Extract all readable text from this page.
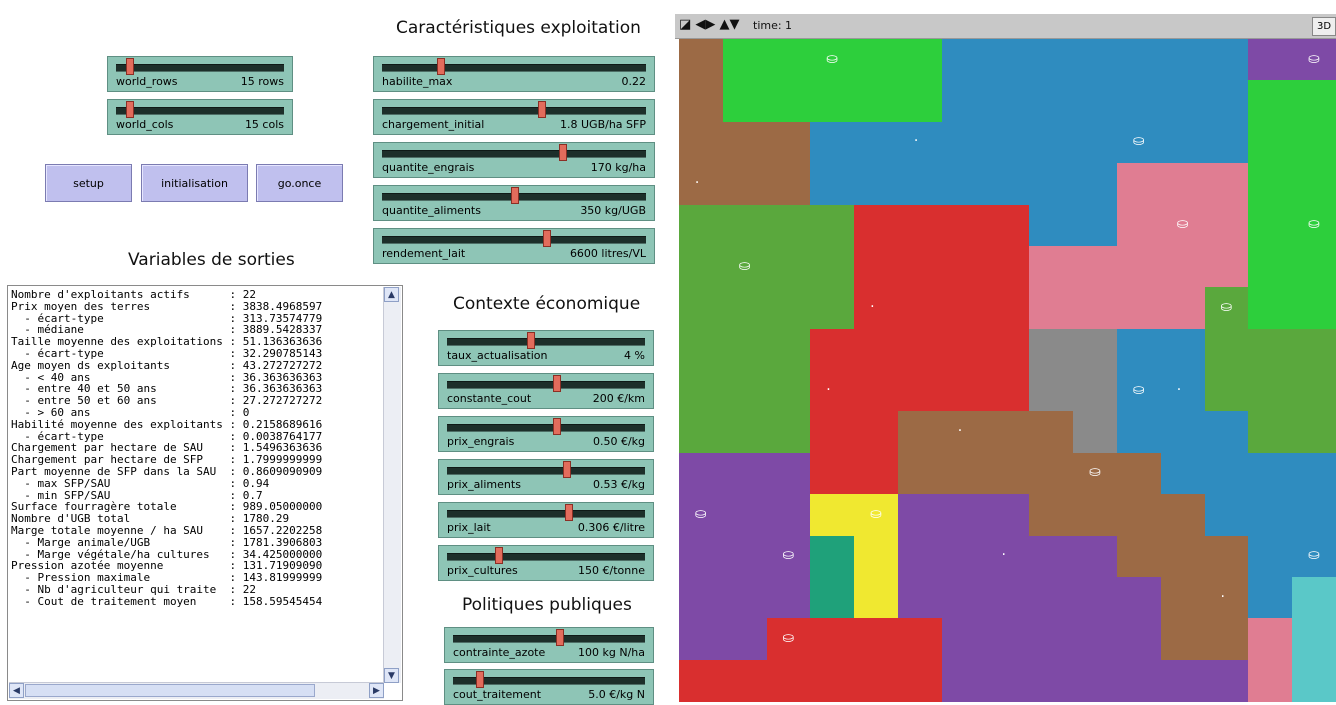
world_rows	15 rows
world_cols	15 cols
setup	initialisation	go.once
Variables de sorties
Nombre d'exploitants actifs      : 22
Prix moyen des terres            : 3838.4968597
- écart-type                   : 313.73574779
- médiane                      : 3889.5428337
Taille moyenne des exploitations : 51.136363636
- écart-type                   : 32.290785143
Age moyen ds exploitants         : 43.272727272
- < 40 ans                     : 36.363636363
- entre 40 et 50 ans           : 36.363636363
- entre 50 et 60 ans           : 27.272727272
- > 60 ans                     : 0
Habilité moyenne des exploitants : 0.2158689616
- écart-type                   : 0.0038764177
Chargement par hectare de SAU    : 1.5496363636
Chargement par hectare de SFP    : 1.7999999999
Part moyenne de SFP dans la SAU  : 0.8609090909
- max SFP/SAU                  : 0.94
- min SFP/SAU                  : 0.7
Surface fourragère totale        : 989.05000000
Nombre d'UGB total               : 1780.29
Marge totale moyenne / ha SAU    : 1657.2202258
- Marge animale/UGB            : 1781.3906803
- Marge végétale/ha cultures   : 34.425000000
Pression azotée moyenne          : 131.71909090
- Pression maximale            : 143.81999999
- Nb d'agriculteur qui traite  : 22
- Cout de traitement moyen     : 158.59545454
▲
▼
◀	▶
Caractéristiques exploitation
habilite_max	0.22
chargement_initial	1.8 UGB/ha SFP
quantite_engrais	170 kg/ha
quantite_aliments	350 kg/UGB
rendement_lait	6600 litres/VL
Contexte économique
taux_actualisation	4 %
constante_cout	200 €/km
prix_engrais	0.50 €/kg
prix_aliments	0.53 €/kg
prix_lait	0.306 €/litre
prix_cultures	150 €/tonne
Politiques publiques
contrainte_azote	100 kg N/ha
cout_traitement	5.0 €/kg N
◪ ◀▶ ▲▼ time: 1	3D
⛀	⛀
·	⛀
·
⛀	⛀
⛀
·	⛀
·	⛀ ·
·
⛀
⛀	⛀
⛀	·	⛀
·
⛀
